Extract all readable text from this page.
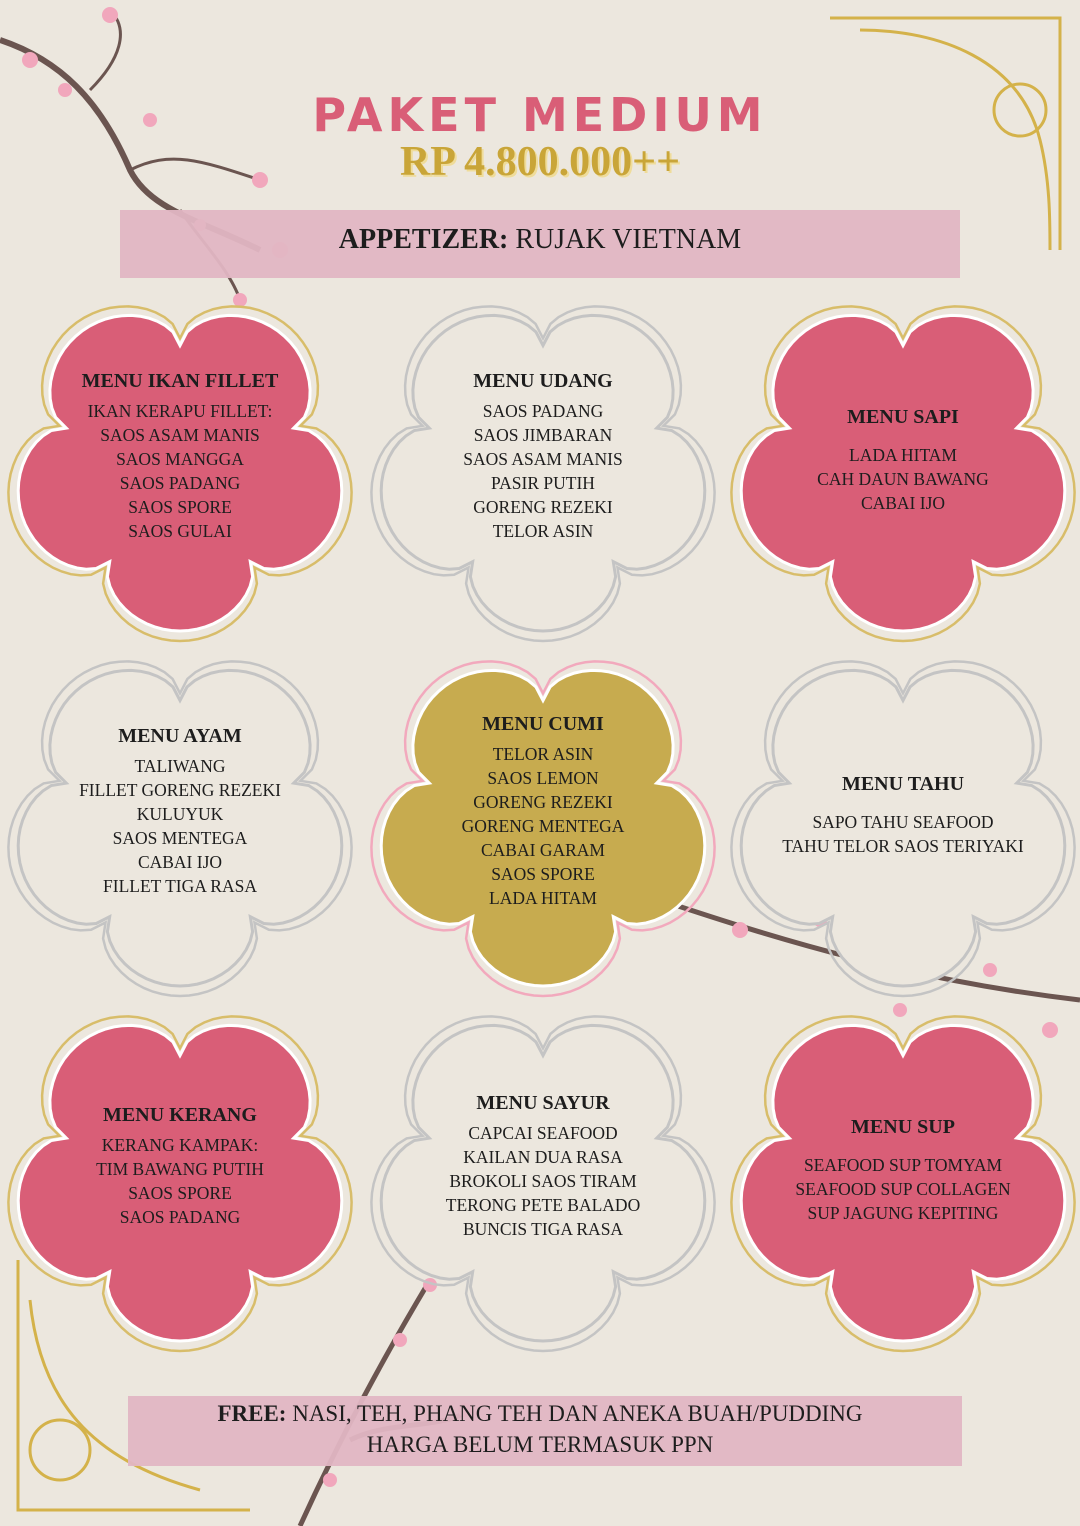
PAKET MEDIUM
RP 4.800.000++
APPETIZER: RUJAK VIETNAM
MENU IKAN FILLET
IKAN KERAPU FILLET:
SAOS ASAM MANIS
SAOS MANGGA
SAOS PADANG
SAOS SPORE
SAOS GULAI
MENU UDANG
SAOS PADANG
SAOS JIMBARAN
SAOS ASAM MANIS
PASIR PUTIH
GORENG REZEKI
TELOR ASIN
MENU SAPI
LADA HITAM
CAH DAUN BAWANG
CABAI IJO
MENU AYAM
TALIWANG
FILLET GORENG REZEKI
KULUYUK
SAOS MENTEGA
CABAI IJO
FILLET TIGA RASA
MENU CUMI
TELOR ASIN
SAOS LEMON
GORENG REZEKI
GORENG MENTEGA
CABAI GARAM
SAOS SPORE
LADA HITAM
MENU TAHU
SAPO TAHU SEAFOOD
TAHU TELOR SAOS TERIYAKI
MENU KERANG
KERANG KAMPAK:
TIM BAWANG PUTIH
SAOS SPORE
SAOS PADANG
MENU SAYUR
CAPCAI SEAFOOD
KAILAN DUA RASA
BROKOLI SAOS TIRAM
TERONG PETE BALADO
BUNCIS TIGA RASA
MENU SUP
SEAFOOD SUP TOMYAM
SEAFOOD SUP COLLAGEN
SUP JAGUNG KEPITING
FREE: NASI, TEH, PHANG TEH DAN ANEKA BUAH/PUDDING
HARGA BELUM TERMASUK PPN
